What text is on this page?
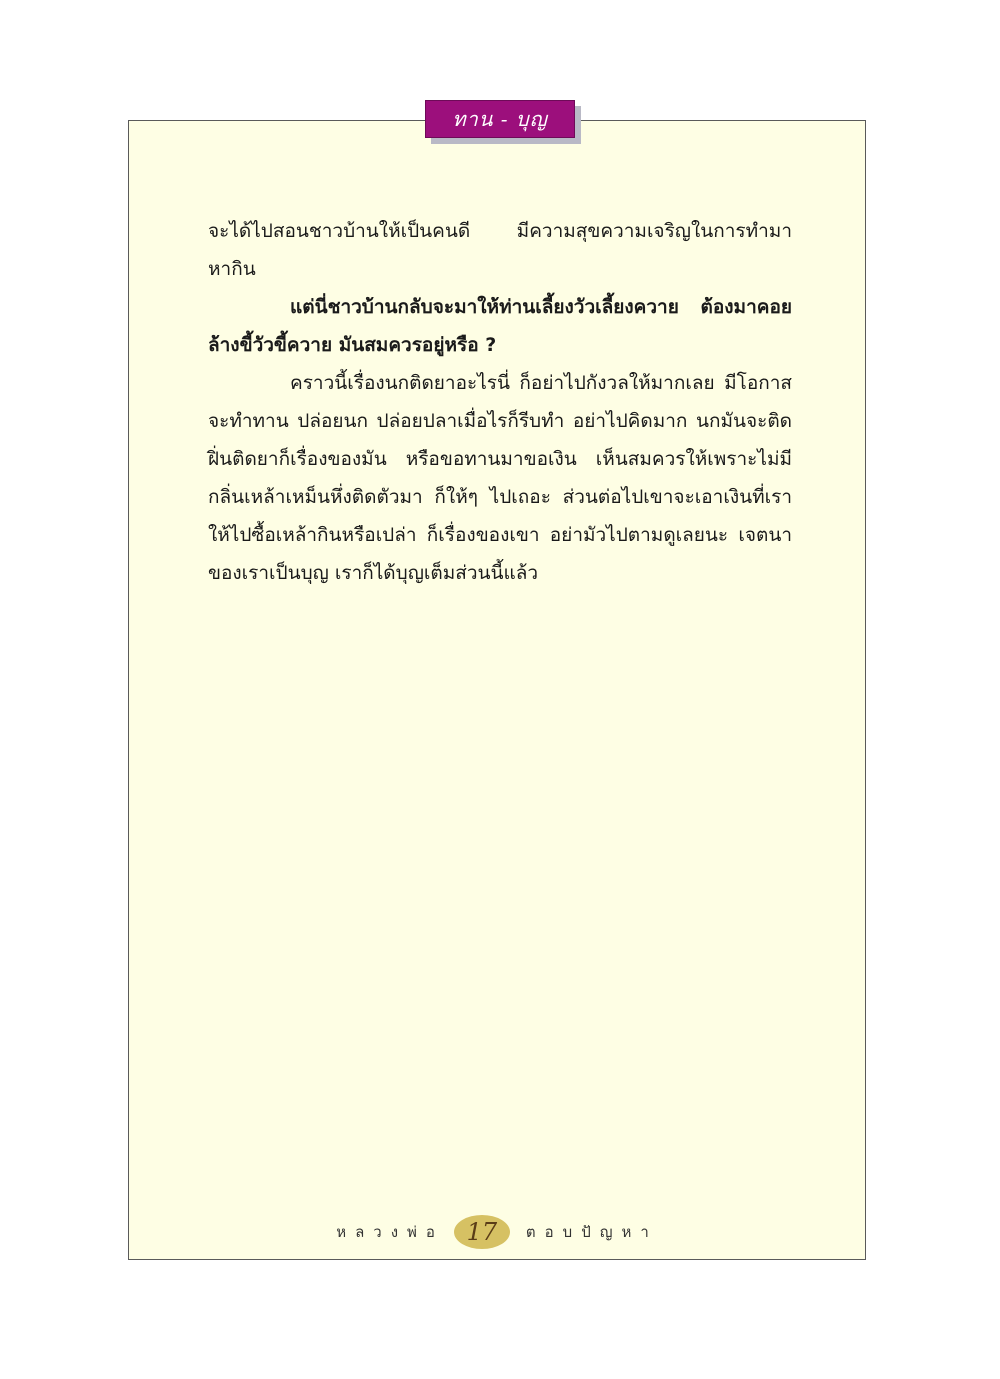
ทาน - บุญ

จะได้ไปสอนชาวบ้านให้เป็นคนดี มีความสุขความเจริญในการทำมาหากิน

แต่นี่ชาวบ้านกลับจะมาให้ท่านเลี้ยงวัวเลี้ยงควาย ต้องมาคอยล้างขี้วัวขี้ควาย มันสมควรอยู่หรือ ?

คราวนี้เรื่องนกติดยาอะไรนี่ ก็อย่าไปกังวลให้มากเลย มีโอกาสจะทำทาน ปล่อยนก ปล่อยปลาเมื่อไรก็รีบทำ อย่าไปคิดมาก นกมันจะติดฝิ่นติดยาก็เรื่องของมัน หรือขอทานมาขอเงิน เห็นสมควรให้เพราะไม่มีกลิ่นเหล้าเหม็นหึ่งติดตัวมา ก็ให้ๆ ไปเถอะ ส่วนต่อไปเขาจะเอาเงินที่เราให้ไปซื้อเหล้ากินหรือเปล่า ก็เรื่องของเขา อย่ามัวไปตามดูเลยนะ เจตนาของเราเป็นบุญ เราก็ได้บุญเต็มส่วนนี้แล้ว

หลวงพ่อ 17 ตอบปัญหา
